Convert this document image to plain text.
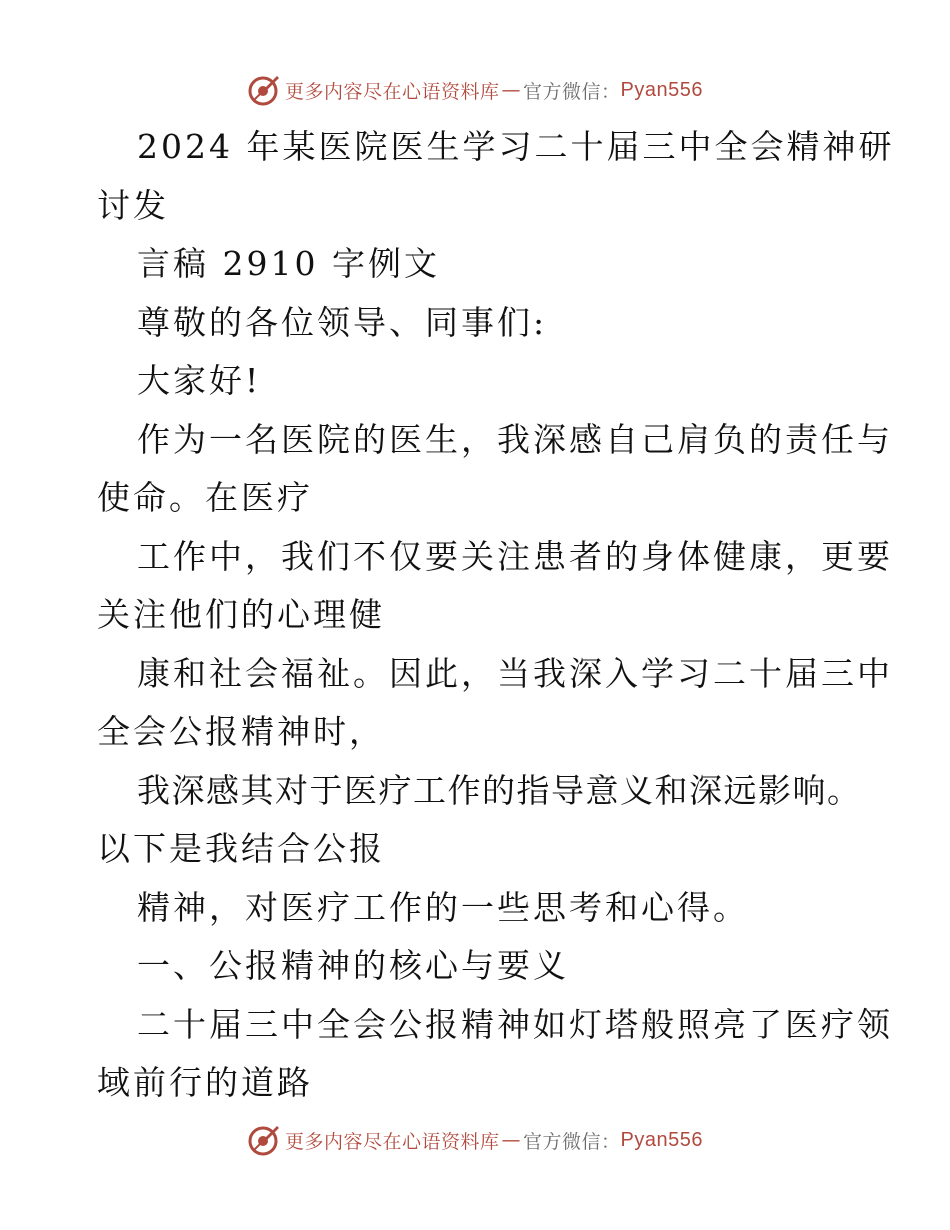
更多内容尽在心语资料库 — 官方微信： Pyan556
2024 年某医院医生学习二十届三中全会精神研
讨发
言稿 2910 字例文
尊敬的各位领导、同事们:
大家好!
作为一名医院的医生，我深感自己肩负的责任与
使命。在医疗
工作中，我们不仅要关注患者的身体健康，更要
关注他们的心理健
康和社会福祉。因此，当我深入学习二十届三中
全会公报精神时，
我深感其对于医疗工作的指导意义和深远影响。
以下是我结合公报
精神，对医疗工作的一些思考和心得。
一、公报精神的核心与要义
二十届三中全会公报精神如灯塔般照亮了医疗领
域前行的道路
更多内容尽在心语资料库 — 官方微信： Pyan556
